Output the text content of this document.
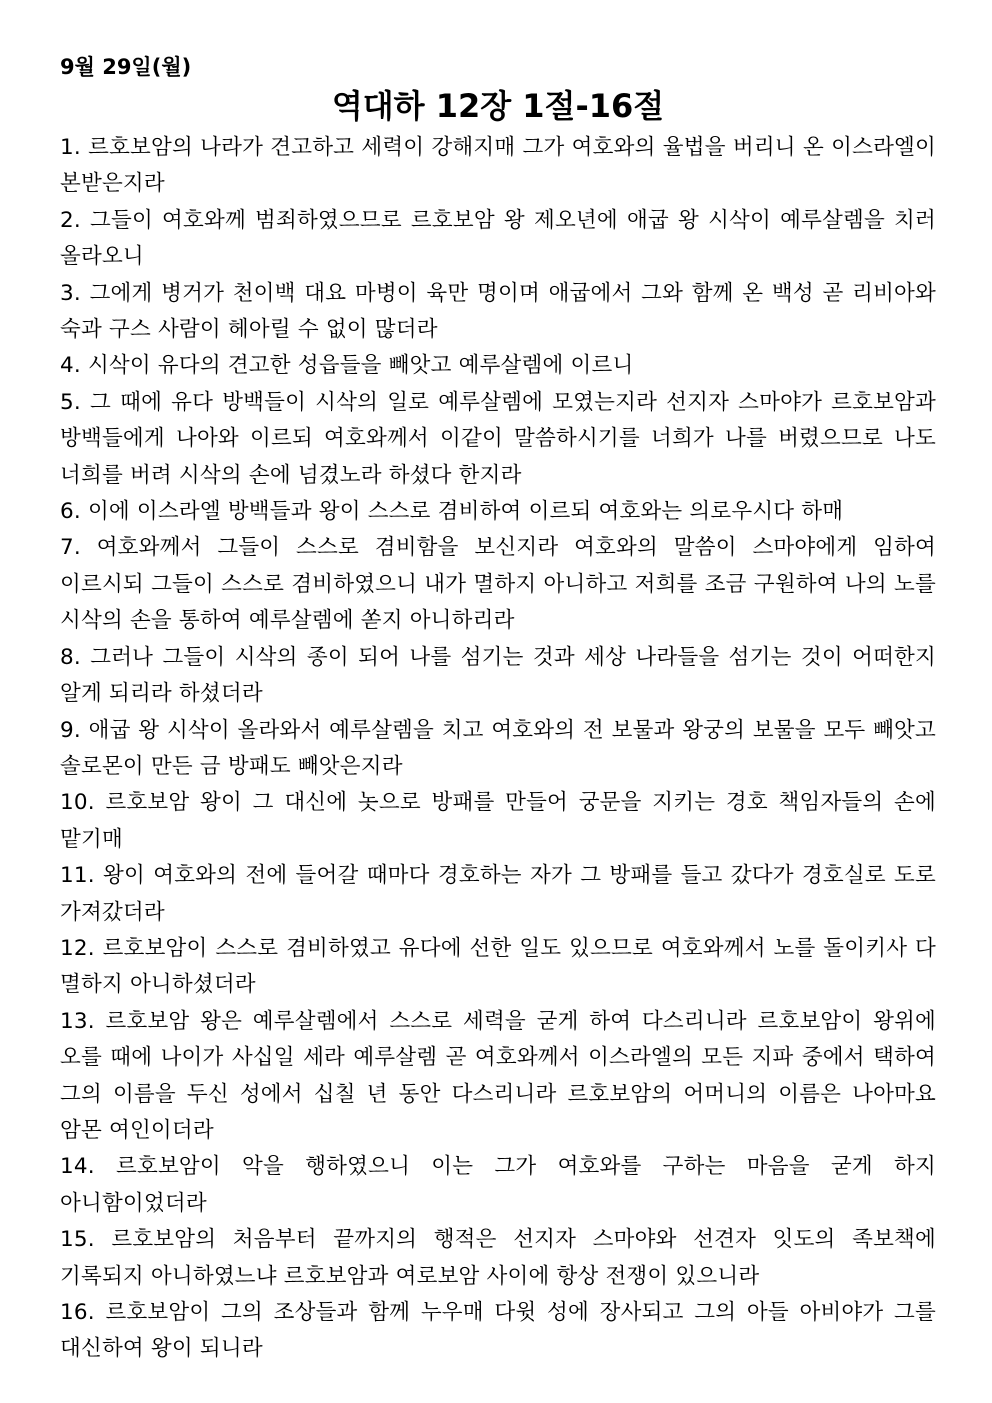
9월 29일(월)
역대하 12장 1절-16절
1. 르호보암의 나라가 견고하고 세력이 강해지매 그가 여호와의 율법을 버리니 온 이스라엘이 본받은지라
2. 그들이 여호와께 범죄하였으므로 르호보암 왕 제오년에 애굽 왕 시삭이 예루살렘을 치러 올라오니
3. 그에게 병거가 천이백 대요 마병이 육만 명이며 애굽에서 그와 함께 온 백성 곧 리비아와 숙과 구스 사람이 헤아릴 수 없이 많더라
4. 시삭이 유다의 견고한 성읍들을 빼앗고 예루살렘에 이르니
5. 그 때에 유다 방백들이 시삭의 일로 예루살렘에 모였는지라 선지자 스마야가 르호보암과 방백들에게 나아와 이르되 여호와께서 이같이 말씀하시기를 너희가 나를 버렸으므로 나도 너희를 버려 시삭의 손에 넘겼노라 하셨다 한지라
6. 이에 이스라엘 방백들과 왕이 스스로 겸비하여 이르되 여호와는 의로우시다 하매
7. 여호와께서 그들이 스스로 겸비함을 보신지라 여호와의 말씀이 스마야에게 임하여 이르시되 그들이 스스로 겸비하였으니 내가 멸하지 아니하고 저희를 조금 구원하여 나의 노를 시삭의 손을 통하여 예루살렘에 쏟지 아니하리라
8. 그러나 그들이 시삭의 종이 되어 나를 섬기는 것과 세상 나라들을 섬기는 것이 어떠한지 알게 되리라 하셨더라
9. 애굽 왕 시삭이 올라와서 예루살렘을 치고 여호와의 전 보물과 왕궁의 보물을 모두 빼앗고 솔로몬이 만든 금 방패도 빼앗은지라
10. 르호보암 왕이 그 대신에 놋으로 방패를 만들어 궁문을 지키는 경호 책임자들의 손에 맡기매
11. 왕이 여호와의 전에 들어갈 때마다 경호하는 자가 그 방패를 들고 갔다가 경호실로 도로 가져갔더라
12. 르호보암이 스스로 겸비하였고 유다에 선한 일도 있으므로 여호와께서 노를 돌이키사 다 멸하지 아니하셨더라
13. 르호보암 왕은 예루살렘에서 스스로 세력을 굳게 하여 다스리니라 르호보암이 왕위에 오를 때에 나이가 사십일 세라 예루살렘 곧 여호와께서 이스라엘의 모든 지파 중에서 택하여 그의 이름을 두신 성에서 십칠 년 동안 다스리니라 르호보암의 어머니의 이름은 나아마요 암몬 여인이더라
14. 르호보암이 악을 행하였으니 이는 그가 여호와를 구하는 마음을 굳게 하지 아니함이었더라
15. 르호보암의 처음부터 끝까지의 행적은 선지자 스마야와 선견자 잇도의 족보책에 기록되지 아니하였느냐 르호보암과 여로보암 사이에 항상 전쟁이 있으니라
16. 르호보암이 그의 조상들과 함께 누우매 다윗 성에 장사되고 그의 아들 아비야가 그를 대신하여 왕이 되니라
